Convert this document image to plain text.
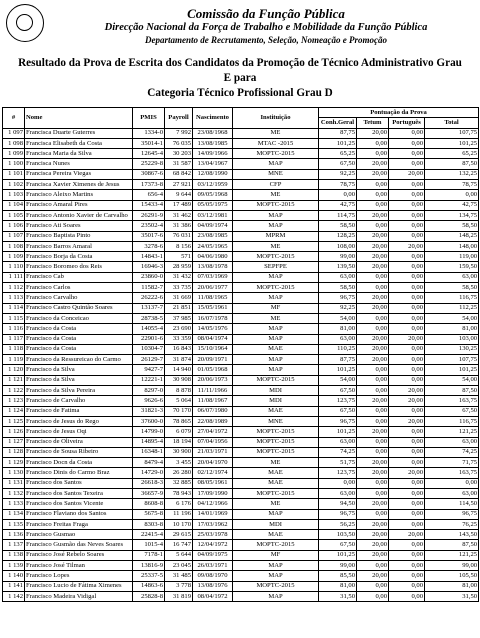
Comissão da Função Pública
Direcção Nacional da Força de Trabalho e Mobilidade da Função Pública
Departamento de Recrutamento, Seleção, Nomeação e Promoção
Resultado da Prova de Escrita dos Candidatos da Promoção de Técnico Administrativo Grau
E para
Categoria Técnico Profissional Grau D
#	Nome	PMIS	Payroll	Nascimento	Instituição	Pontuação da Prova			
						Conh.Geral	Tetum	Português	Total
1 097	Francisca Duarte Guterres	1334-0	7 992	23/08/1968	ME	87,75	20,00	0,00	107,75
1 098	Francisca Elisabeth da Costa	35014-1	76 035	13/08/1985	MTAC -2015	101,25	0,00	0,00	101,25
1 099	Francisca Maria da Silva	12645-4	30 203	14/09/1966	MOPTC-2015	65,25	0,00	0,00	65,25
1 100	Francisca Nunes	25229-8	31 587	13/04/1967	MAP	67,50	20,00	0,00	87,50
1 101	Francisca Pereira Viegas	30867-6	68 842	12/08/1990	MNE	92,25	20,00	20,00	132,25
1 102	Francisca Xavier Ximenes de Jesus	17373-8	27 921	03/12/1959	CFP	78,75	0,00	0,00	78,75
1 103	Francisco Aleixo Martins	656-4	9 644	09/05/1968	ME	0,00	0,00	0,00	0,00
1 104	Francisco Amaral Pires	15433-4	17 489	05/05/1975	MOPTC-2015	42,75	0,00	0,00	42,75
1 105	Francisco Antonio Xavier de Carvalho	26291-9	31 462	03/12/1981	MAP	114,75	20,00	0,00	134,75
1 106	Francisco Ati Soares	23502-4	31 386	04/09/1974	MAP	58,50	0,00	0,00	58,50
1 107	Francisco Baptista Pinto	35017-6	76 031	23/08/1985	MPRM	128,25	20,00	0,00	148,25
1 108	Francisco Barros Amaral	3278-6	8 156	24/05/1965	ME	108,00	20,00	20,00	148,00
1 109	Francisco Borja da Costa	14843-1	571	04/06/1980	MOPTC-2015	99,00	20,00	0,00	119,00
1 110	Francisco Boromeo dos Reis	16946-3	28 959	13/08/1978	SEPFPE	139,50	20,00	0,00	159,50
1 111	Francisco Cab	23860-0	31 432	07/03/1969	MAP	63,00	0,00	0,00	63,00
1 112	Francisco Carlos	11582-7	33 735	20/06/1977	MOPTC-2015	58,50	0,00	0,00	58,50
1 113	Francisco Carvalho	26222-6	31 669	11/08/1965	MAP	96,75	20,00	0,00	116,75
1 114	Francisco Castro Quintão Soares	13137-7	21 851	15/05/1961	MF	92,25	20,00	0,00	112,25
1 115	Francisco da Conceicao	28738-5	37 985	16/07/1978	ME	54,00	0,00	0,00	54,00
1 116	Francisco da Costa	14055-4	23 690	14/05/1976	MAP	81,00	0,00	0,00	81,00
1 117	Francisco da Costa	22901-6	33 359	08/04/1974	MAP	63,00	20,00	20,00	103,00
1 118	Francisco da Costa	10304-7	16 843	15/10/1964	MAE	110,25	20,00	0,00	130,25
1 119	Francisco da Ressureicao do Carmo	26129-7	31 874	20/09/1971	MAP	87,75	20,00	0,00	107,75
1 120	Francisco da Silva	9427-7	14 940	01/05/1968	MAP	101,25	0,00	0,00	101,25
1 121	Francisco da Silva	12221-1	30 908	20/06/1973	MOPTC-2015	54,00	0,00	0,00	54,00
1 122	Francisco da Silva Pereira	8297-0	8 878	11/11/1966	MDI	67,50	0,00	20,00	87,50
1 123	Francisco de Carvalho	9626-6	5 064	11/08/1967	MDI	123,75	20,00	20,00	163,75
1 124	Francisco de Fatima	31821-3	70 170	06/07/1980	MAE	67,50	0,00	0,00	67,50
1 125	Francisco de Jesus do Rego	37600-0	78 865	22/08/1989	MNE	96,75	0,00	20,00	116,75
1 126	Francisco de Jesus Oqi	14799-0	6 079	27/04/1972	MOPTC-2015	101,25	20,00	0,00	121,25
1 127	Francisco de Oliveira	14895-4	18 194	07/04/1956	MOPTC-2015	63,00	0,00	0,00	63,00
1 128	Francisco de Sousa Ribeiro	16348-1	30 900	21/03/1971	MOPTC-2015	74,25	0,00	0,00	74,25
1 129	Francisco Docn da Costa	8479-4	3 455	20/04/1970	ME	51,75	20,00	0,00	71,75
1 130	Francisco Dinis do Carmo Braz	14729-0	26 280	02/12/1974	MAE	123,75	20,00	20,00	163,75
1 131	Francisco dos Santos	26618-3	32 885	08/05/1961	MAE	0,00	0,00	0,00	0,00
1 132	Francisco dos Santos Texeira	36657-9	78 943	17/09/1990	MOPTC-2015	63,00	0,00	0,00	63,00
1 133	Francisco dos Santos Vicente	8608-8	6 176	04/12/1966	ME	94,50	20,00	0,00	114,50
1 134	Francisco Flaviano dos Santos	5675-8	11 196	14/01/1969	MAP	96,75	0,00	0,00	96,75
1 135	Francisco Freitas Fraga	8303-8	10 170	17/03/1962	MDI	56,25	20,00	0,00	76,25
1 136	Francisco Gusmao	22415-4	29 615	25/03/1978	MAE	103,50	20,00	20,00	143,50
1 137	Francisco Gusmão das Neves Soares	1015-4	16 747	12/04/1972	MOPTC-2015	67,50	20,00	0,00	87,50
1 138	Francisco José Rebelo Soares	7178-1	5 644	04/09/1975	MF	101,25	20,00	0,00	121,25
1 139	Francisco José Tilman	13816-9	23 045	26/03/1971	MAP	99,00	0,00	0,00	99,00
1 140	Francisco Lopes	25337-5	31 485	09/08/1970	MAP	85,50	20,00	0,00	105,50
1 141	Francisco Lucio de Fátima Ximenes	14863-6	3 778	13/08/1976	MOPTC-2015	81,00	0,00	0,00	81,00
1 142	Francisco Madeira Vidigal	25828-8	31 819	08/04/1972	MAP	31,50	0,00	0,00	31,50
